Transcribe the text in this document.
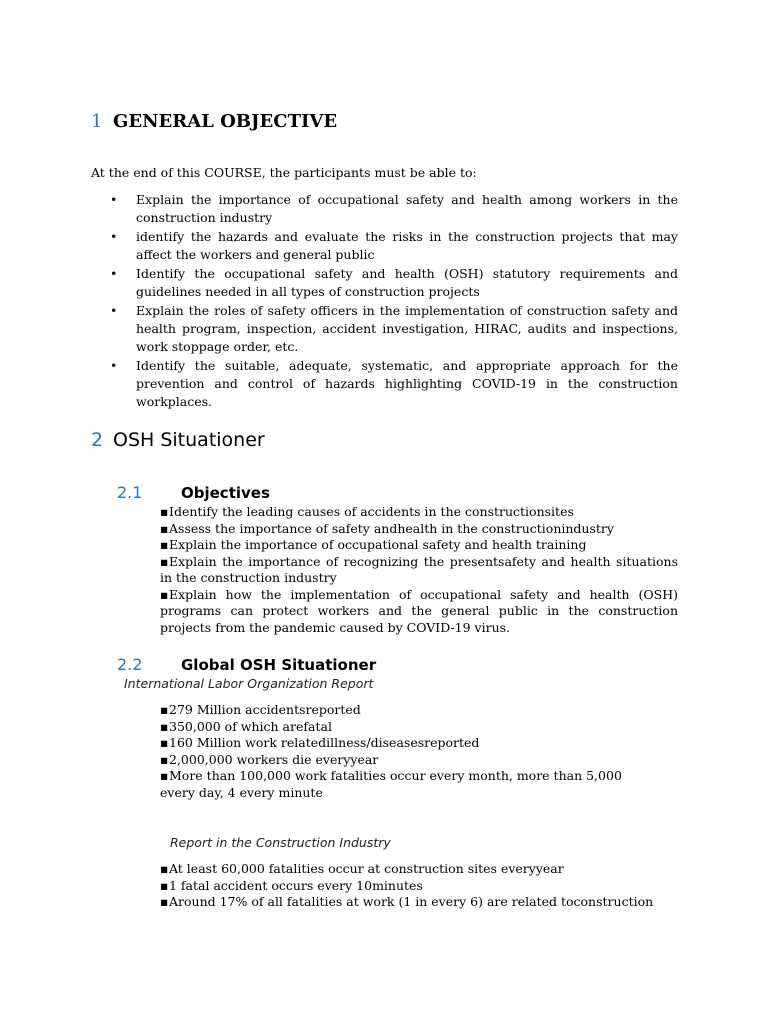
1 GENERAL OBJECTIVE
At the end of this COURSE, the participants must be able to:
• Explain the importance of occupational safety and health among workers in the construction industry
• identify the hazards and evaluate the risks in the construction projects that may affect the workers and general public
• Identify the occupational safety and health (OSH) statutory requirements and guidelines needed in all types of construction projects
• Explain the roles of safety officers in the implementation of construction safety and health program, inspection, accident investigation, HIRAC, audits and inspections, work stoppage order, etc.
• Identify the suitable, adequate, systematic, and appropriate approach for the prevention and control of hazards highlighting COVID-19 in the construction workplaces.
2 OSH Situationer
2.1	Objectives
▪Identify the leading causes of accidents in the constructionsites
▪Assess the importance of safety andhealth in the constructionindustry
▪Explain the importance of occupational safety and health training
▪Explain the importance of recognizing the presentsafety and health situations in the construction industry
▪Explain how the implementation of occupational safety and health (OSH) programs can protect workers and the general public in the construction projects from the pandemic caused by COVID-19 virus.
2.2	Global OSH Situationer
International Labor Organization Report
▪279 Million accidentsreported
▪350,000 of which arefatal
▪160 Million work relatedillness/diseasesreported
▪2,000,000 workers die everyyear
▪More than 100,000 work fatalities occur every month, more than 5,000 every day, 4 every minute
Report in the Construction Industry
▪At least 60,000 fatalities occur at construction sites everyyear
▪1 fatal accident occurs every 10minutes
▪Around 17% of all fatalities at work (1 in every 6) are related toconstruction
